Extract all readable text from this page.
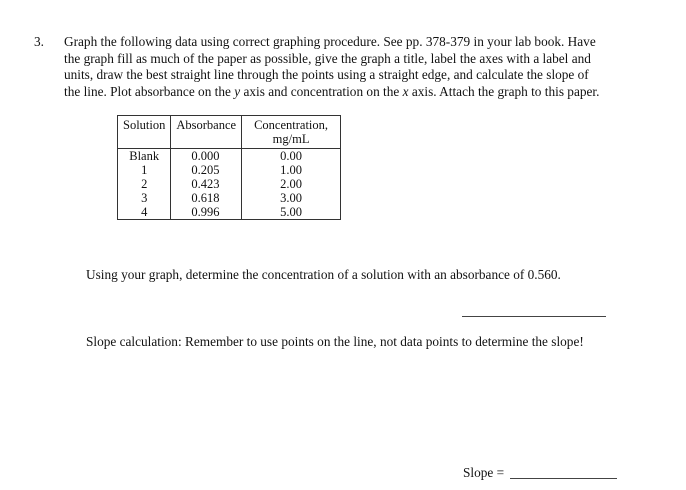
3. Graph the following data using correct graphing procedure. See pp. 378-379 in your lab book. Have

the graph fill as much of the paper as possible, give the graph a title, label the axes with a label and

units, draw the best straight line through the points using a straight edge, and calculate the slope of

the line. Plot absorbance on the y axis and concentration on the x axis. Attach the graph to this paper.

Solution	Absorbance	Concentration,
mg/mL

Blank	0.000	0.00
1	0.205	1.00
2	0.423	2.00
3	0.618	3.00
4	0.996	5.00
Using your graph, determine the concentration of a solution with an absorbance of 0.560.
Slope calculation: Remember to use points on the line, not data points to determine the slope!
Slope =
